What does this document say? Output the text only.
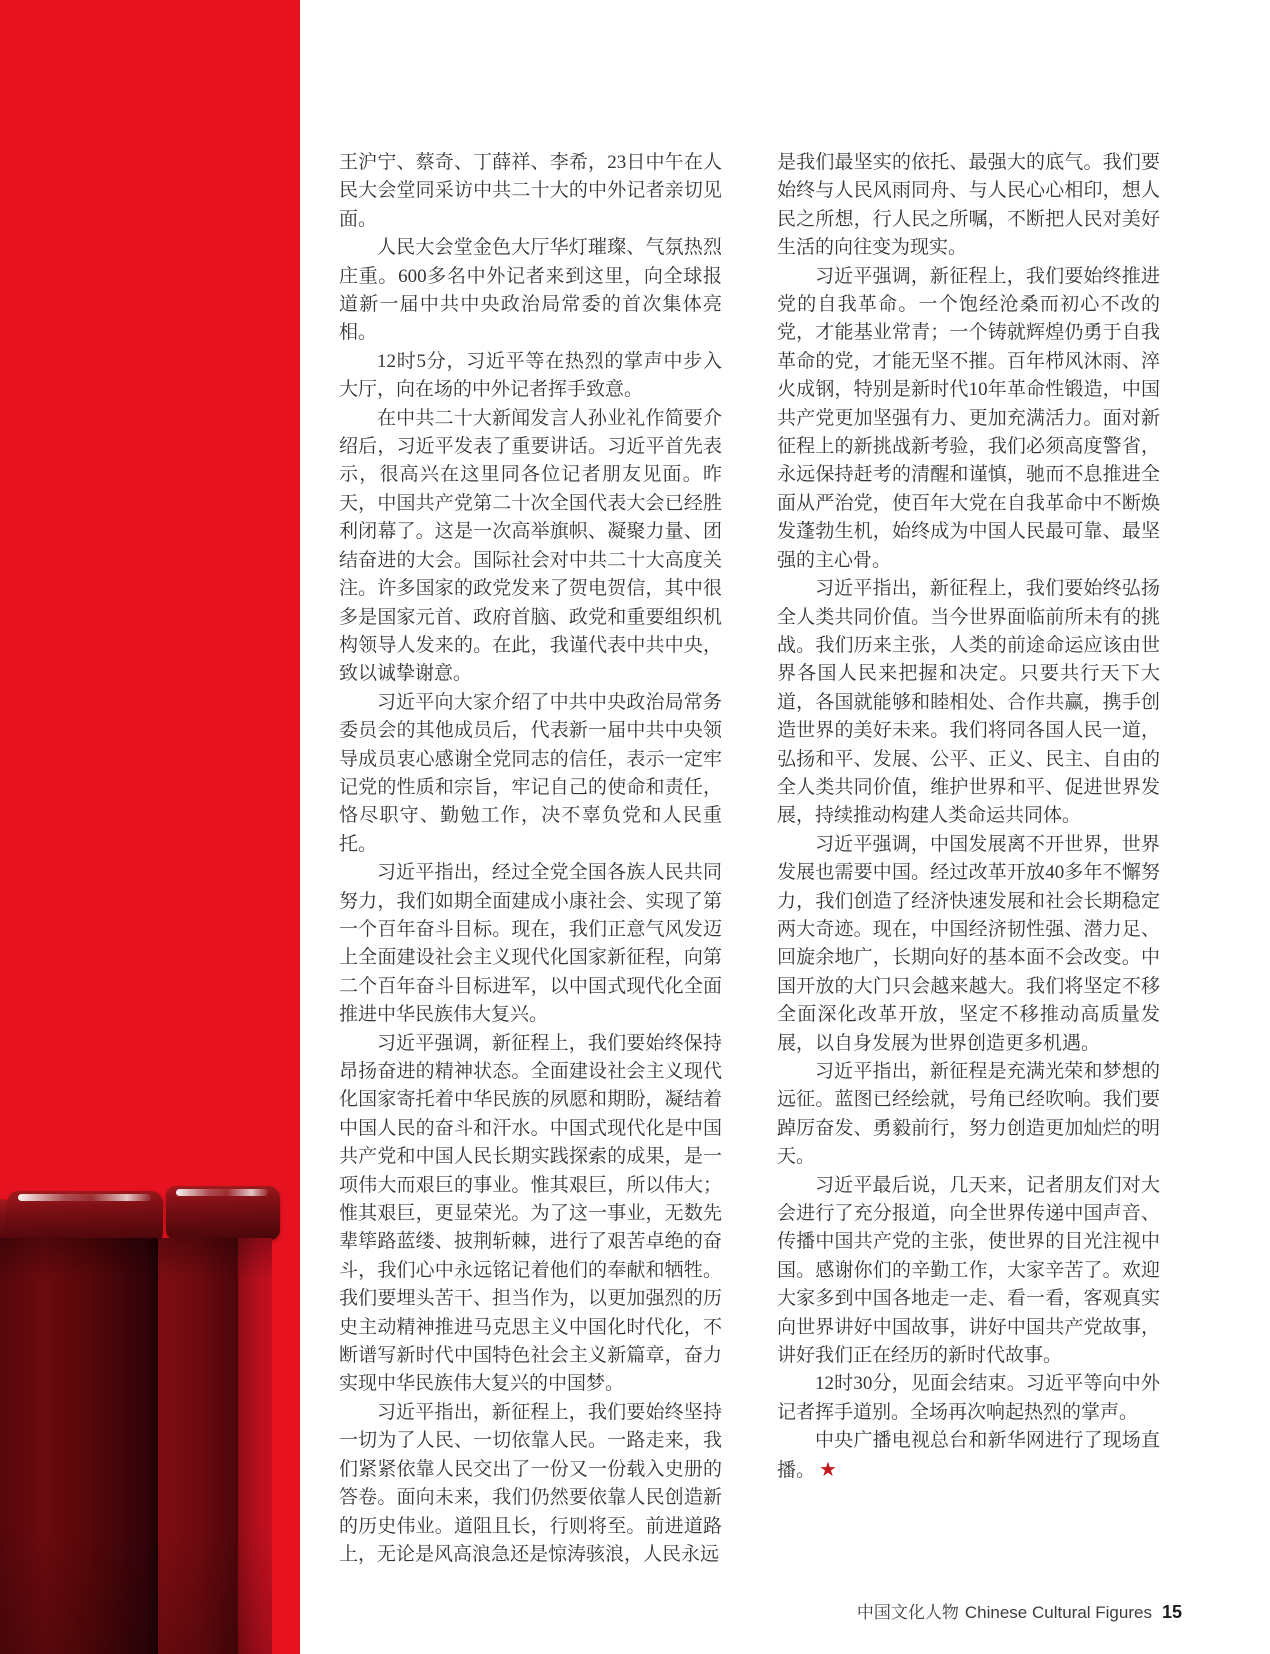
王沪宁、蔡奇、丁薛祥、李希，23日中午在人民大会堂同采访中共二十大的中外记者亲切见面。

人民大会堂金色大厅华灯璀璨、气氛热烈庄重。600多名中外记者来到这里，向全球报道新一届中共中央政治局常委的首次集体亮相。

12时5分，习近平等在热烈的掌声中步入大厅，向在场的中外记者挥手致意。

在中共二十大新闻发言人孙业礼作简要介绍后，习近平发表了重要讲话。习近平首先表示，很高兴在这里同各位记者朋友见面。昨天，中国共产党第二十次全国代表大会已经胜利闭幕了。这是一次高举旗帜、凝聚力量、团结奋进的大会。国际社会对中共二十大高度关注。许多国家的政党发来了贺电贺信，其中很多是国家元首、政府首脑、政党和重要组织机构领导人发来的。在此，我谨代表中共中央，致以诚挚谢意。

习近平向大家介绍了中共中央政治局常务委员会的其他成员后，代表新一届中共中央领导成员衷心感谢全党同志的信任，表示一定牢记党的性质和宗旨，牢记自己的使命和责任，恪尽职守、勤勉工作，决不辜负党和人民重托。

习近平指出，经过全党全国各族人民共同努力，我们如期全面建成小康社会、实现了第一个百年奋斗目标。现在，我们正意气风发迈上全面建设社会主义现代化国家新征程，向第二个百年奋斗目标进军，以中国式现代化全面推进中华民族伟大复兴。

习近平强调，新征程上，我们要始终保持昂扬奋进的精神状态。全面建设社会主义现代化国家寄托着中华民族的夙愿和期盼，凝结着中国人民的奋斗和汗水。中国式现代化是中国共产党和中国人民长期实践探索的成果，是一项伟大而艰巨的事业。惟其艰巨，所以伟大；惟其艰巨，更显荣光。为了这一事业，无数先辈筚路蓝缕、披荆斩棘，进行了艰苦卓绝的奋斗，我们心中永远铭记着他们的奉献和牺牲。我们要埋头苦干、担当作为，以更加强烈的历史主动精神推进马克思主义中国化时代化，不断谱写新时代中国特色社会主义新篇章，奋力实现中华民族伟大复兴的中国梦。

习近平指出，新征程上，我们要始终坚持一切为了人民、一切依靠人民。一路走来，我们紧紧依靠人民交出了一份又一份载入史册的答卷。面向未来，我们仍然要依靠人民创造新的历史伟业。道阻且长，行则将至。前进道路上，无论是风高浪急还是惊涛骇浪，人民永远

是我们最坚实的依托、最强大的底气。我们要始终与人民风雨同舟、与人民心心相印，想人民之所想，行人民之所嘱，不断把人民对美好生活的向往变为现实。

习近平强调，新征程上，我们要始终推进党的自我革命。一个饱经沧桑而初心不改的党，才能基业常青；一个铸就辉煌仍勇于自我革命的党，才能无坚不摧。百年栉风沐雨、淬火成钢，特别是新时代10年革命性锻造，中国共产党更加坚强有力、更加充满活力。面对新征程上的新挑战新考验，我们必须高度警省，永远保持赶考的清醒和谨慎，驰而不息推进全面从严治党，使百年大党在自我革命中不断焕发蓬勃生机，始终成为中国人民最可靠、最坚强的主心骨。

习近平指出，新征程上，我们要始终弘扬全人类共同价值。当今世界面临前所未有的挑战。我们历来主张，人类的前途命运应该由世界各国人民来把握和决定。只要共行天下大道，各国就能够和睦相处、合作共赢，携手创造世界的美好未来。我们将同各国人民一道，弘扬和平、发展、公平、正义、民主、自由的全人类共同价值，维护世界和平、促进世界发展，持续推动构建人类命运共同体。

习近平强调，中国发展离不开世界，世界发展也需要中国。经过改革开放40多年不懈努力，我们创造了经济快速发展和社会长期稳定两大奇迹。现在，中国经济韧性强、潜力足、回旋余地广，长期向好的基本面不会改变。中国开放的大门只会越来越大。我们将坚定不移全面深化改革开放，坚定不移推动高质量发展，以自身发展为世界创造更多机遇。

习近平指出，新征程是充满光荣和梦想的远征。蓝图已经绘就，号角已经吹响。我们要踔厉奋发、勇毅前行，努力创造更加灿烂的明天。

习近平最后说，几天来，记者朋友们对大会进行了充分报道，向全世界传递中国声音、传播中国共产党的主张，使世界的目光注视中国。感谢你们的辛勤工作，大家辛苦了。欢迎大家多到中国各地走一走、看一看，客观真实向世界讲好中国故事，讲好中国共产党故事，讲好我们正在经历的新时代故事。

12时30分，见面会结束。习近平等向中外记者挥手道别。全场再次响起热烈的掌声。

中央广播电视总台和新华网进行了现场直播。 ★

中国文化人物 Chinese Cultural Figures 15
